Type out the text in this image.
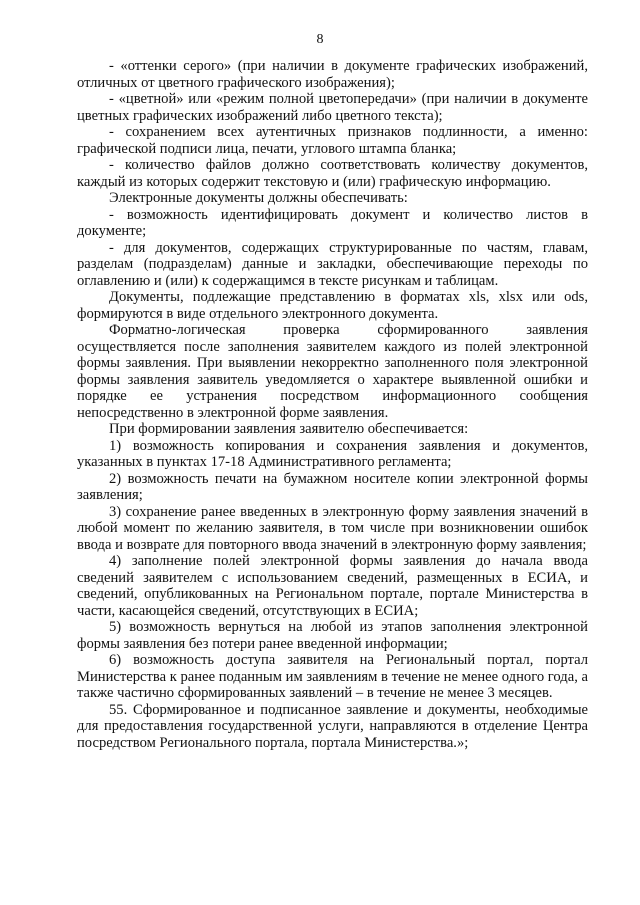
8

- «оттенки серого» (при наличии в документе графических изображений, отличных от цветного графического изображения);

- «цветной» или «режим полной цветопередачи» (при наличии в документе цветных графических изображений либо цветного текста);

- сохранением всех аутентичных признаков подлинности, а именно: графической подписи лица, печати, углового штампа бланка;

- количество файлов должно соответствовать количеству документов, каждый из которых содержит текстовую и (или) графическую информацию.

Электронные документы должны обеспечивать:

- возможность идентифицировать документ и количество листов в документе;

- для документов, содержащих структурированные по частям, главам, разделам (подразделам) данные и закладки, обеспечивающие переходы по оглавлению и (или) к содержащимся в тексте рисункам и таблицам.

Документы, подлежащие представлению в форматах xls, xlsx или ods, формируются в виде отдельного электронного документа.

Форматно-логическая проверка сформированного заявления осуществляется после заполнения заявителем каждого из полей электронной формы заявления. При выявлении некорректно заполненного поля электронной формы заявления заявитель уведомляется о характере выявленной ошибки и порядке ее устранения посредством информационного сообщения непосредственно в электронной форме заявления.

При формировании заявления заявителю обеспечивается:

1) возможность копирования и сохранения заявления и документов, указанных в пунктах 17-18 Административного регламента;

2) возможность печати на бумажном носителе копии электронной формы заявления;

3) сохранение ранее введенных в электронную форму заявления значений в любой момент по желанию заявителя, в том числе при возникновении ошибок ввода и возврате для повторного ввода значений в электронную форму заявления;

4) заполнение полей электронной формы заявления до начала ввода сведений заявителем с использованием сведений, размещенных в ЕСИА, и сведений, опубликованных на Региональном портале, портале Министерства в части, касающейся сведений, отсутствующих в ЕСИА;

5) возможность вернуться на любой из этапов заполнения электронной формы заявления без потери ранее введенной информации;

6) возможность доступа заявителя на Региональный портал, портал Министерства к ранее поданным им заявлениям в течение не менее одного года, а также частично сформированных заявлений – в течение не менее 3 месяцев.

55. Сформированное и подписанное заявление и документы, необходимые для предоставления государственной услуги, направляются в отделение Центра посредством Регионального портала, портала Министерства.»;
